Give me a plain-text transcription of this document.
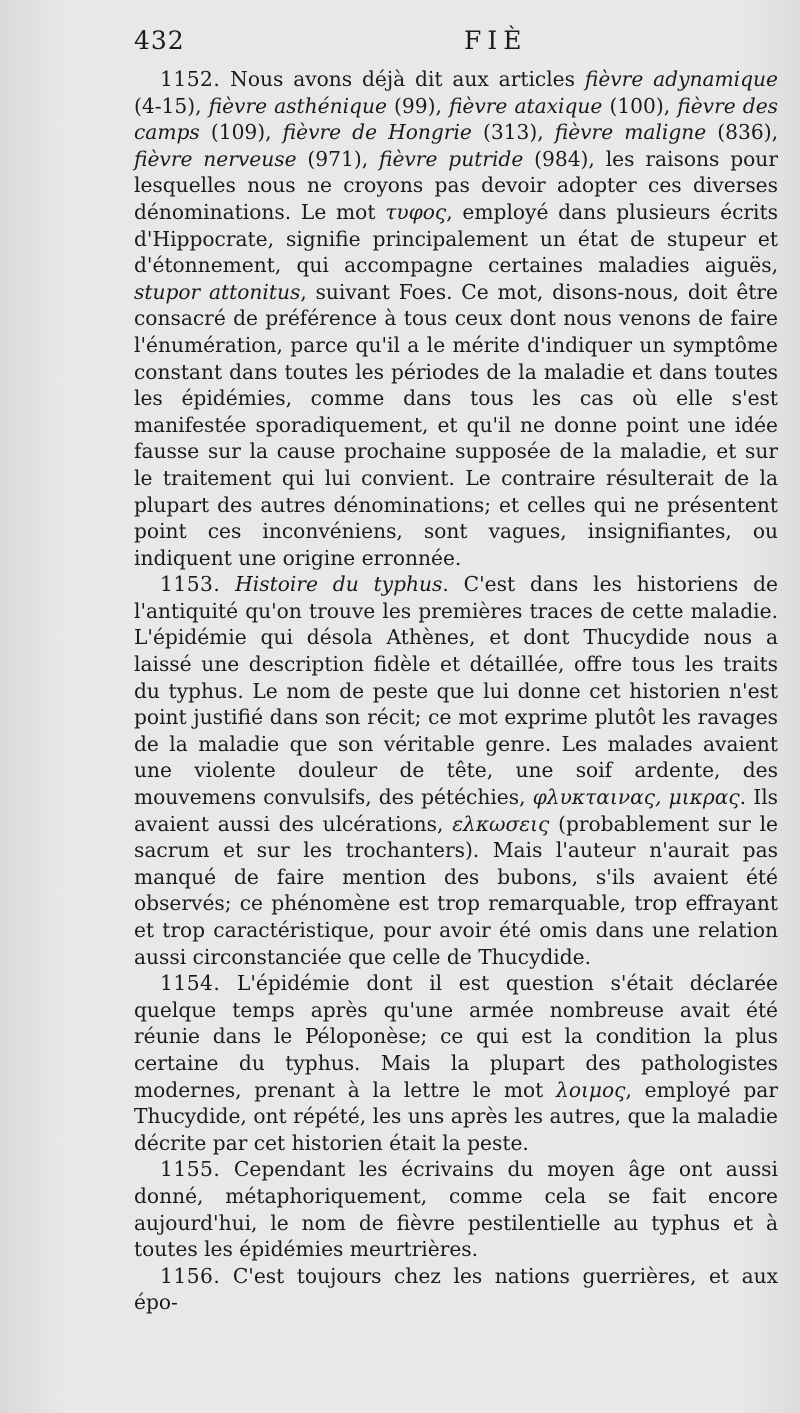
432	FIÈ

1152. Nous avons déjà dit aux articles fièvre adynamique (4-15), fièvre asthénique (99), fièvre ataxique (100), fièvre des camps (109), fièvre de Hongrie (313), fièvre maligne (836), fièvre nerveuse (971), fièvre putride (984), les raisons pour lesquelles nous ne croyons pas devoir adopter ces diverses dénominations. Le mot τυφος, employé dans plusieurs écrits d'Hippocrate, signifie principalement un état de stupeur et d'étonnement, qui accompagne certaines maladies aiguës, stupor attonitus, suivant Foes. Ce mot, disons-nous, doit être consacré de préférence à tous ceux dont nous venons de faire l'énumération, parce qu'il a le mérite d'indiquer un symptôme constant dans toutes les périodes de la maladie et dans toutes les épidémies, comme dans tous les cas où elle s'est manifestée sporadiquement, et qu'il ne donne point une idée fausse sur la cause prochaine supposée de la maladie, et sur le traitement qui lui convient. Le contraire résulterait de la plupart des autres dénominations; et celles qui ne présentent point ces inconvéniens, sont vagues, insignifiantes, ou indiquent une origine erronnée.

1153. Histoire du typhus. C'est dans les historiens de l'antiquité qu'on trouve les premières traces de cette maladie. L'épidémie qui désola Athènes, et dont Thucydide nous a laissé une description fidèle et détaillée, offre tous les traits du typhus. Le nom de peste que lui donne cet historien n'est point justifié dans son récit; ce mot exprime plutôt les ravages de la maladie que son véritable genre. Les malades avaient une violente douleur de tête, une soif ardente, des mouvemens convulsifs, des pétéchies, φλυκταινας, μικρας. Ils avaient aussi des ulcérations, ελκωσεις (probablement sur le sacrum et sur les trochanters). Mais l'auteur n'aurait pas manqué de faire mention des bubons, s'ils avaient été observés; ce phénomène est trop remarquable, trop effrayant et trop caractéristique, pour avoir été omis dans une relation aussi circonstanciée que celle de Thucydide.

1154. L'épidémie dont il est question s'était déclarée quelque temps après qu'une armée nombreuse avait été réunie dans le Péloponèse; ce qui est la condition la plus certaine du typhus. Mais la plupart des pathologistes modernes, prenant à la lettre le mot λοιμος, employé par Thucydide, ont répété, les uns après les autres, que la maladie décrite par cet historien était la peste.

1155. Cependant les écrivains du moyen âge ont aussi donné, métaphoriquement, comme cela se fait encore aujourd'hui, le nom de fièvre pestilentielle au typhus et à toutes les épidémies meurtrières.

1156. C'est toujours chez les nations guerrières, et aux épo-
